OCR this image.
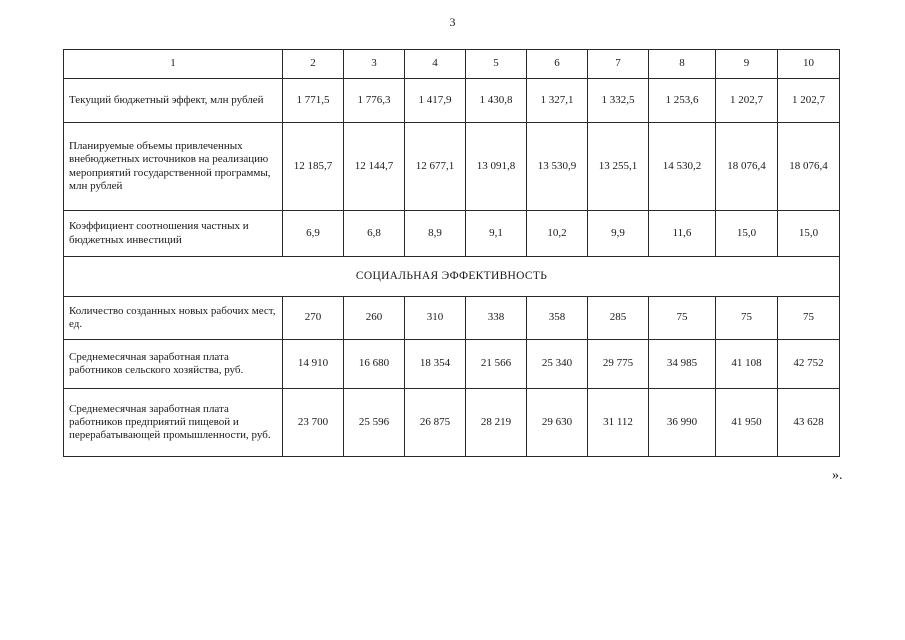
3
1	2	3	4	5	6	7	8	9	10
Текущий бюджетный эффект, млн рублей	1 771,5	1 776,3	1 417,9	1 430,8	1 327,1	1 332,5	1 253,6	1 202,7	1 202,7
Планируемые объемы привлеченных внебюджетных источников на реализацию мероприятий государственной программы, млн рублей	12 185,7	12 144,7	12 677,1	13 091,8	13 530,9	13 255,1	14 530,2	18 076,4	18 076,4
Коэффициент соотношения частных и бюджетных инвестиций	6,9	6,8	8,9	9,1	10,2	9,9	11,6	15,0	15,0
СОЦИАЛЬНАЯ ЭФФЕКТИВНОСТЬ									
Количество созданных новых рабочих мест, ед.	270	260	310	338	358	285	75	75	75
Среднемесячная заработная плата работников сельского хозяйства, руб.	14 910	16 680	18 354	21 566	25 340	29 775	34 985	41 108	42 752
Среднемесячная заработная плата работников предприятий пищевой и перерабатывающей промышленности, руб.	23 700	25 596	26 875	28 219	29 630	31 112	36 990	41 950	43 628
».
